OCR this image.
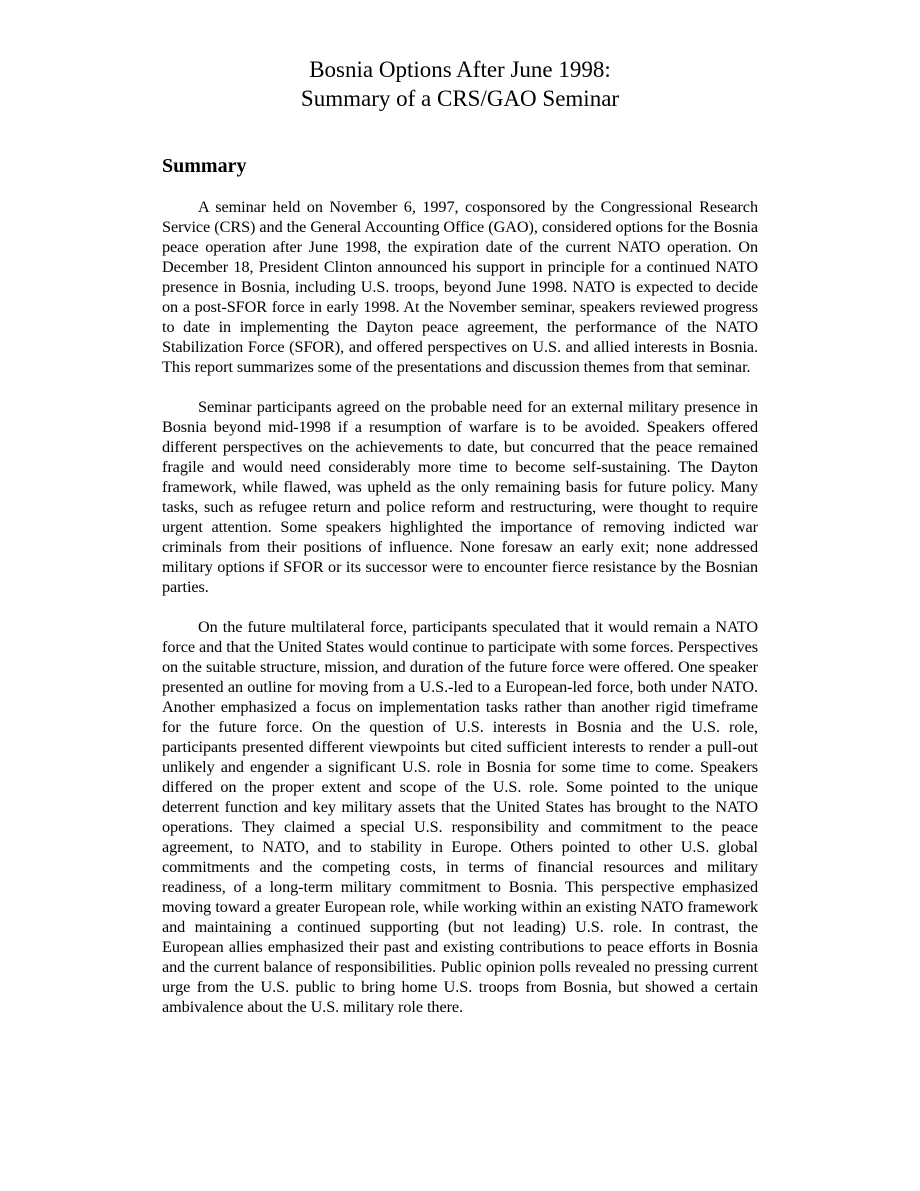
Bosnia Options After June 1998:
Summary of a CRS/GAO Seminar
Summary

A seminar held on November 6, 1997, cosponsored by the Congressional Research Service (CRS) and the General Accounting Office (GAO), considered options for the Bosnia peace operation after June 1998, the expiration date of the current NATO operation. On December 18, President Clinton announced his support in principle for a continued NATO presence in Bosnia, including U.S. troops, beyond June 1998. NATO is expected to decide on a post-SFOR force in early 1998. At the November seminar, speakers reviewed progress to date in implementing the Dayton peace agreement, the performance of the NATO Stabilization Force (SFOR), and offered perspectives on U.S. and allied interests in Bosnia. This report summarizes some of the presentations and discussion themes from that seminar.

Seminar participants agreed on the probable need for an external military presence in Bosnia beyond mid-1998 if a resumption of warfare is to be avoided. Speakers offered different perspectives on the achievements to date, but concurred that the peace remained fragile and would need considerably more time to become self-sustaining. The Dayton framework, while flawed, was upheld as the only remaining basis for future policy. Many tasks, such as refugee return and police reform and restructuring, were thought to require urgent attention. Some speakers highlighted the importance of removing indicted war criminals from their positions of influence. None foresaw an early exit; none addressed military options if SFOR or its successor were to encounter fierce resistance by the Bosnian parties.

On the future multilateral force, participants speculated that it would remain a NATO force and that the United States would continue to participate with some forces. Perspectives on the suitable structure, mission, and duration of the future force were offered. One speaker presented an outline for moving from a U.S.-led to a European-led force, both under NATO. Another emphasized a focus on implementation tasks rather than another rigid timeframe for the future force. On the question of U.S. interests in Bosnia and the U.S. role, participants presented different viewpoints but cited sufficient interests to render a pull-out unlikely and engender a significant U.S. role in Bosnia for some time to come. Speakers differed on the proper extent and scope of the U.S. role. Some pointed to the unique deterrent function and key military assets that the United States has brought to the NATO operations. They claimed a special U.S. responsibility and commitment to the peace agreement, to NATO, and to stability in Europe. Others pointed to other U.S. global commitments and the competing costs, in terms of financial resources and military readiness, of a long-term military commitment to Bosnia. This perspective emphasized moving toward a greater European role, while working within an existing NATO framework and maintaining a continued supporting (but not leading) U.S. role. In contrast, the European allies emphasized their past and existing contributions to peace efforts in Bosnia and the current balance of responsibilities. Public opinion polls revealed no pressing current urge from the U.S. public to bring home U.S. troops from Bosnia, but showed a certain ambivalence about the U.S. military role there.
